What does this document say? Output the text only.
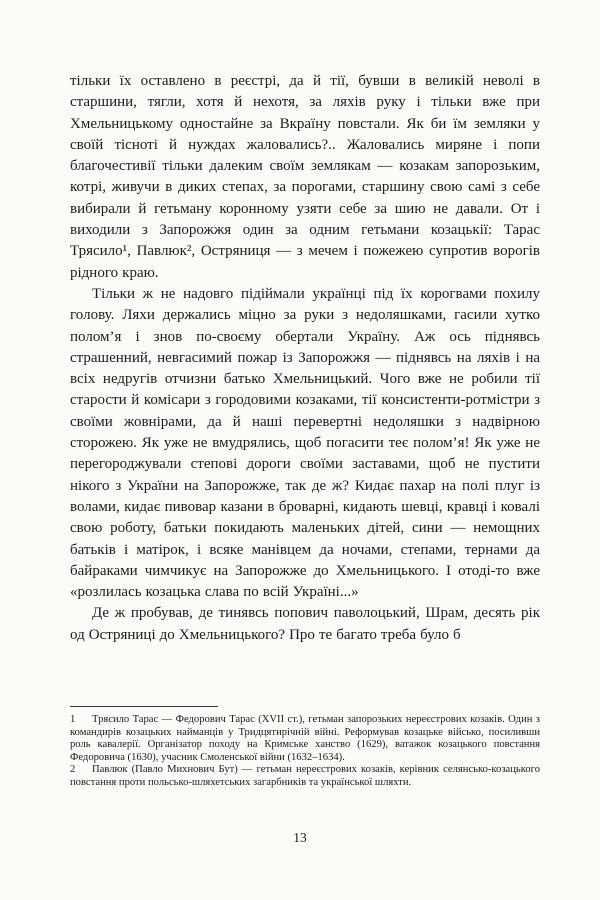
тільки їх оставлено в реєстрі, да й тії, бувши в великій неволі в старшини, тягли, хотя й нехотя, за ляхів руку і тільки вже при Хмельницькому одностайне за Вкраїну повстали. Як би їм земляки у своїй тісноті й нуждах жаловались?.. Жаловались миряне і попи благочестивії тільки далеким своїм землякам — козакам запорозьким, котрі, живучи в диких степах, за порогами, старшину свою самі з себе вибирали й гетьману коронному узяти себе за шию не давали. От і виходили з Запорожжя один за одним гетьмани козацькії: Тарас Трясило¹, Павлюк², Остряниця — з мечем і пожежею супротив ворогів рідного краю.

Тільки ж не надовго підіймали українці під їх корогвами похилу голову. Ляхи держались міцно за руки з недоляшками, гасили хутко полом’я і знов по-своєму обертали Україну. Аж ось піднявсь страшенний, невгасимий пожар із Запорожжя — піднявсь на ляхів і на всіх недругів отчизни батько Хмельницький. Чого вже не робили тії старости й комісари з городовими козаками, тії консистенти-ротмістри з своїми жовнірами, да й наші перевертні недоляшки з надвірною сторожею. Як уже не вмудрялись, щоб погасити теє полом’я! Як уже не перегороджували степові дороги своїми заставами, щоб не пустити нікого з України на Запорожже, так де ж? Кидає пахар на полі плуг із волами, кидає пивовар казани в броварні, кидають шевці, кравці і ковалі свою роботу, батьки покидають маленьких дітей, сини — немощних батьків і матірок, і всяке манівцем да ночами, степами, тернами да байраками чимчикує на Запорожже до Хмельницького. І отоді-то вже «розлилась козацька слава по всій Україні...»

Де ж пробував, де тинявсь попович паволоцький, Шрам, десять рік од Остряниці до Хмельницького? Про те багато треба було б

1 Трясило Тарас — Федорович Тарас (XVII ст.), гетьман запорозьких нереєстрових козаків. Один з командирів козацьких найманців у Тридцятирічній війні. Реформував козацьке військо, посиливши роль кавалерії. Організатор походу на Кримське ханство (1629), ватажок козацького повстання Федоровича (1630), учасник Смоленської війни (1632–1634).

2 Павлюк (Павло Михнович Бут) — гетьман нереєстрових козаків, керівник селянсько-козацького повстання проти польсько-шляхетських загарбників та української шляхти.

13
